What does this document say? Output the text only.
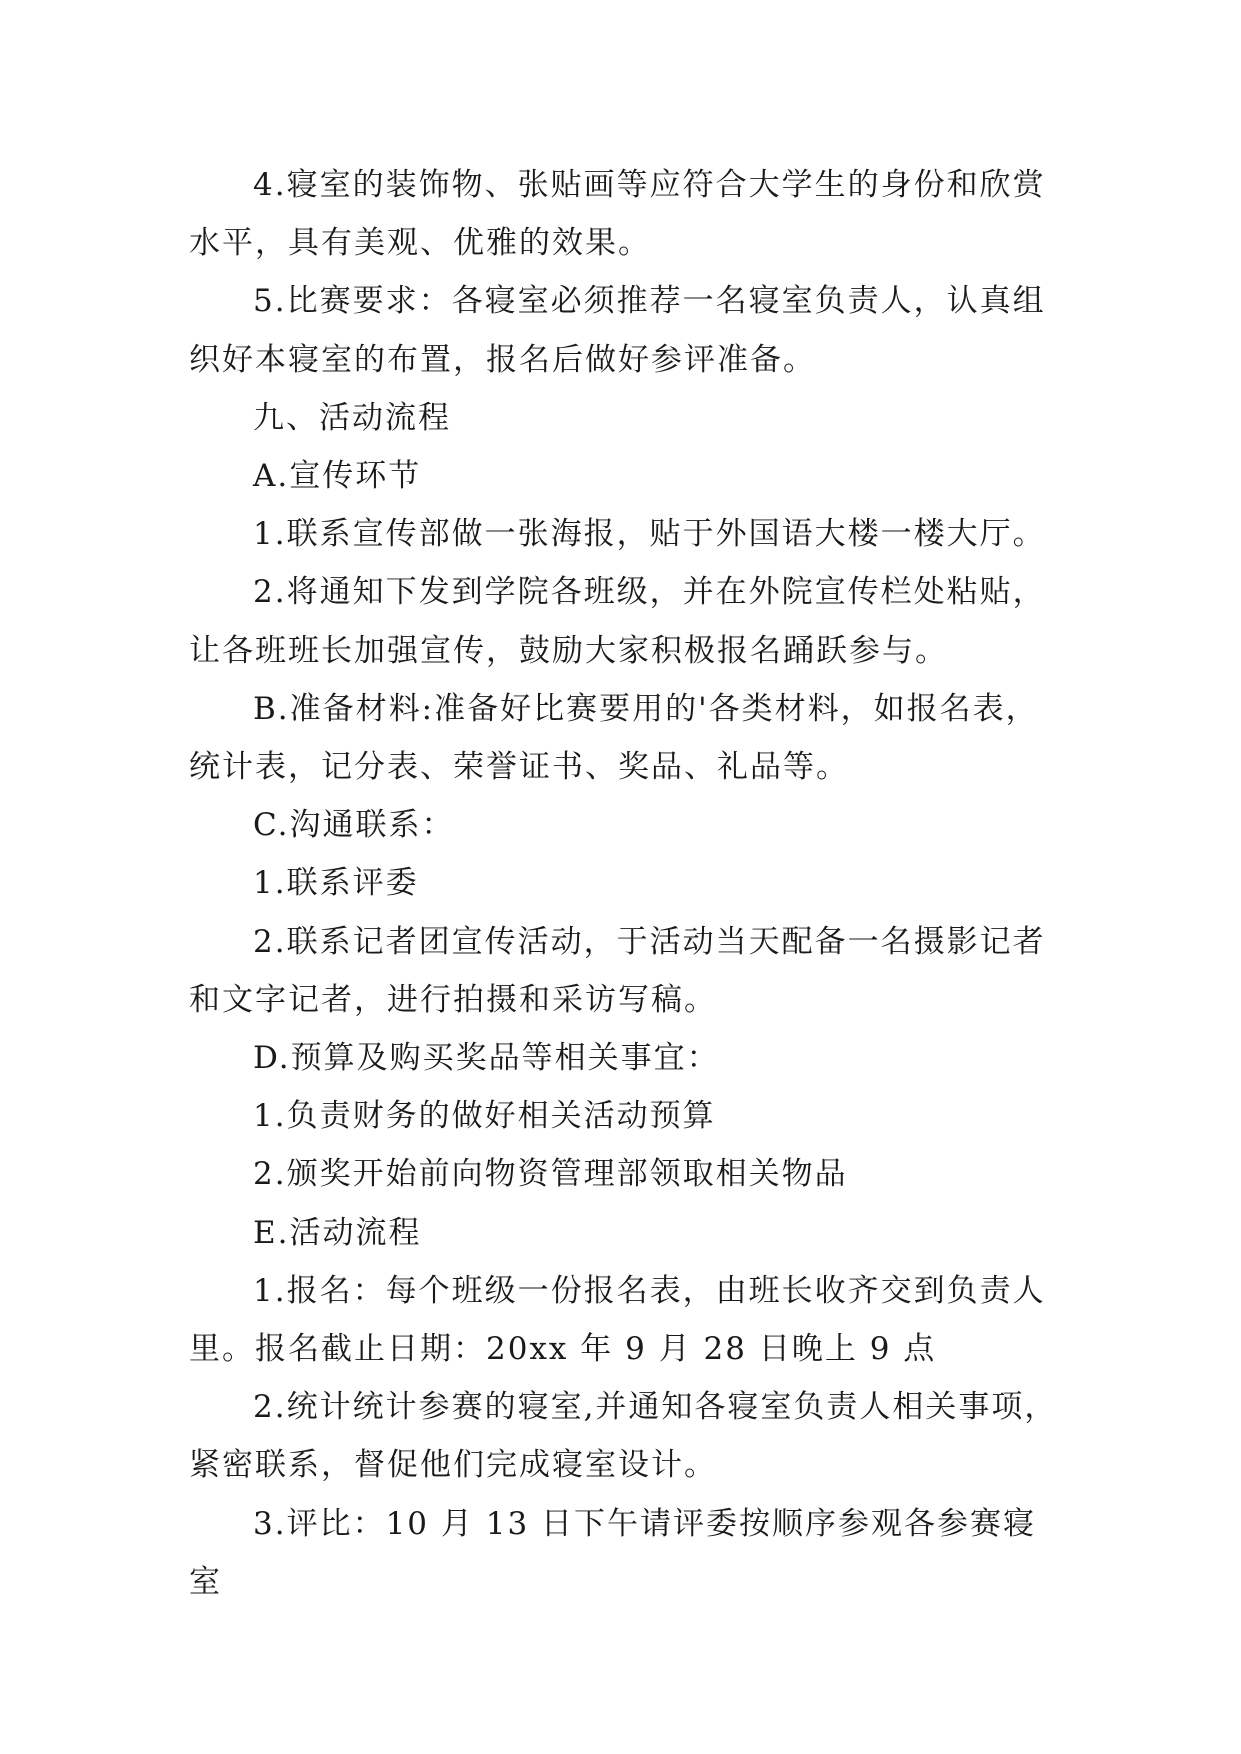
4.寝室的装饰物、张贴画等应符合大学生的身份和欣赏水平，具有美观、优雅的效果。

5.比赛要求：各寝室必须推荐一名寝室负责人，认真组织好本寝室的布置，报名后做好参评准备。

九、活动流程

A.宣传环节

1.联系宣传部做一张海报，贴于外国语大楼一楼大厅。

2.将通知下发到学院各班级，并在外院宣传栏处粘贴，让各班班长加强宣传，鼓励大家积极报名踊跃参与。

B.准备材料:准备好比赛要用的'各类材料，如报名表，统计表，记分表、荣誉证书、奖品、礼品等。

C.沟通联系：

1.联系评委

2.联系记者团宣传活动，于活动当天配备一名摄影记者和文字记者，进行拍摄和采访写稿。

D.预算及购买奖品等相关事宜：

1.负责财务的做好相关活动预算

2.颁奖开始前向物资管理部领取相关物品

E.活动流程

1.报名：每个班级一份报名表，由班长收齐交到负责人里。报名截止日期：20xx 年 9 月 28 日晚上 9 点

2.统计统计参赛的寝室,并通知各寝室负责人相关事项，紧密联系，督促他们完成寝室设计。

3.评比：10 月 13 日下午请评委按顺序参观各参赛寝室
